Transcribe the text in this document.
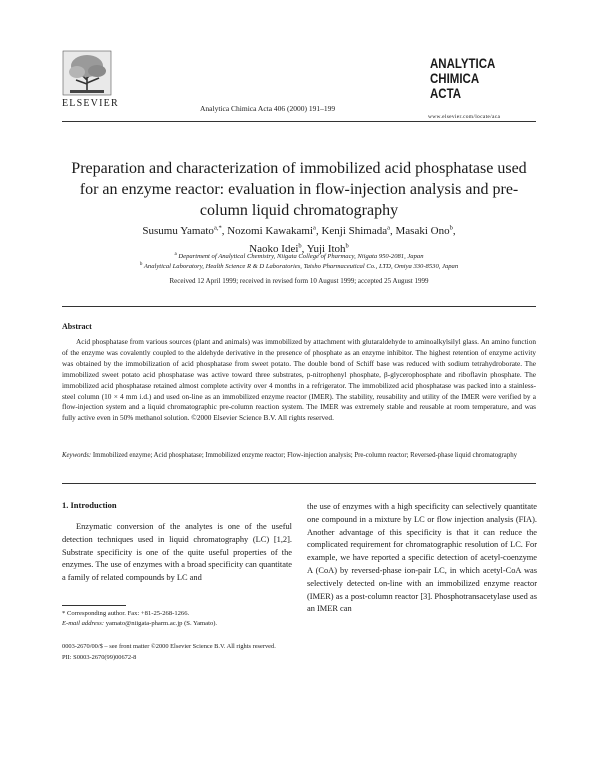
ELSEVIER	Analytica Chimica Acta 406 (2000) 191–199
ANALYTICA
CHIMICA
ACTA
www.elsevier.com/locate/aca
Preparation and characterization of immobilized acid phosphatase used for an enzyme reactor: evaluation in flow-injection analysis and pre-column liquid chromatography
Susumu Yamato$^{a,*}$, Nozomi Kawakami$^a$, Kenji Shimada$^a$, Masaki Ono$^b$,
Naoko Idei$^b$, Yuji Itoh$^b$
$^a$ Department of Analytical Chemistry, Niigata College of Pharmacy, Niigata 950-2081, Japan
$^b$ Analytical Laboratory, Health Science R & D Laboratories, Taisho Pharmaceutical Co., LTD, Omiya 330-8530, Japan
Received 12 April 1999; received in revised form 10 August 1999; accepted 25 August 1999
Abstract
Acid phosphatase from various sources (plant and animals) was immobilized by attachment with glutaraldehyde to aminoalkylsilyl glass. An amino function of the enzyme was covalently coupled to the aldehyde derivative in the presence of phosphate as an enzyme inhibitor. The highest retention of enzyme activity was obtained by the immobilization of acid phosphatase from sweet potato. The double bond of Schiff base was reduced with sodium tetrahydroborate. The immobilized sweet potato acid phosphatase was active toward three substrates, p-nitrophenyl phosphate, β-glycerophosphate and riboflavin phosphate. The immobilized acid phosphatase retained almost complete activity over 4 months in a refrigerator. The immobilized acid phosphatase was packed into a stainless-steel column (10 × 4 mm i.d.) and used on-line as an immobilized enzyme reactor (IMER). The stability, reusability and utility of the IMER were verified by a flow-injection system and a liquid chromatographic pre-column reaction system. The IMER was extremely stable and reusable at room temperature, and was fully active even in 50% methanol solution. ©2000 Elsevier Science B.V. All rights reserved.
Keywords: Immobilized enzyme; Acid phosphatase; Immobilized enzyme reactor; Flow-injection analysis; Pre-column reactor; Reversed-phase liquid chromatography
1. Introduction
Enzymatic conversion of the analytes is one of the useful detection techniques used in liquid chromatography (LC) [1,2]. Substrate specificity is one of the quite useful properties of the enzymes. The use of enzymes with a broad specificity can quantitate a family of related compounds by LC and
the use of enzymes with a high specificity can selectively quantitate one compound in a mixture by LC or flow injection analysis (FIA). Another advantage of this specificity is that it can reduce the complicated requirement for chromatographic resolution of LC. For example, we have reported a specific detection of acetyl-coenzyme A (CoA) by reversed-phase ion-pair LC, in which acetyl-CoA was selectively detected on-line with an immobilized enzyme reactor (IMER) as a post-column reactor [3]. Phosphotransacetylase used as an IMER can
* Corresponding author. Fax: +81-25-268-1266.
E-mail address: yamato@niigata-pharm.ac.jp (S. Yamato).
0003-2670/00/$ – see front matter ©2000 Elsevier Science B.V. All rights reserved.
PII: S0003-2670(99)00672-8
